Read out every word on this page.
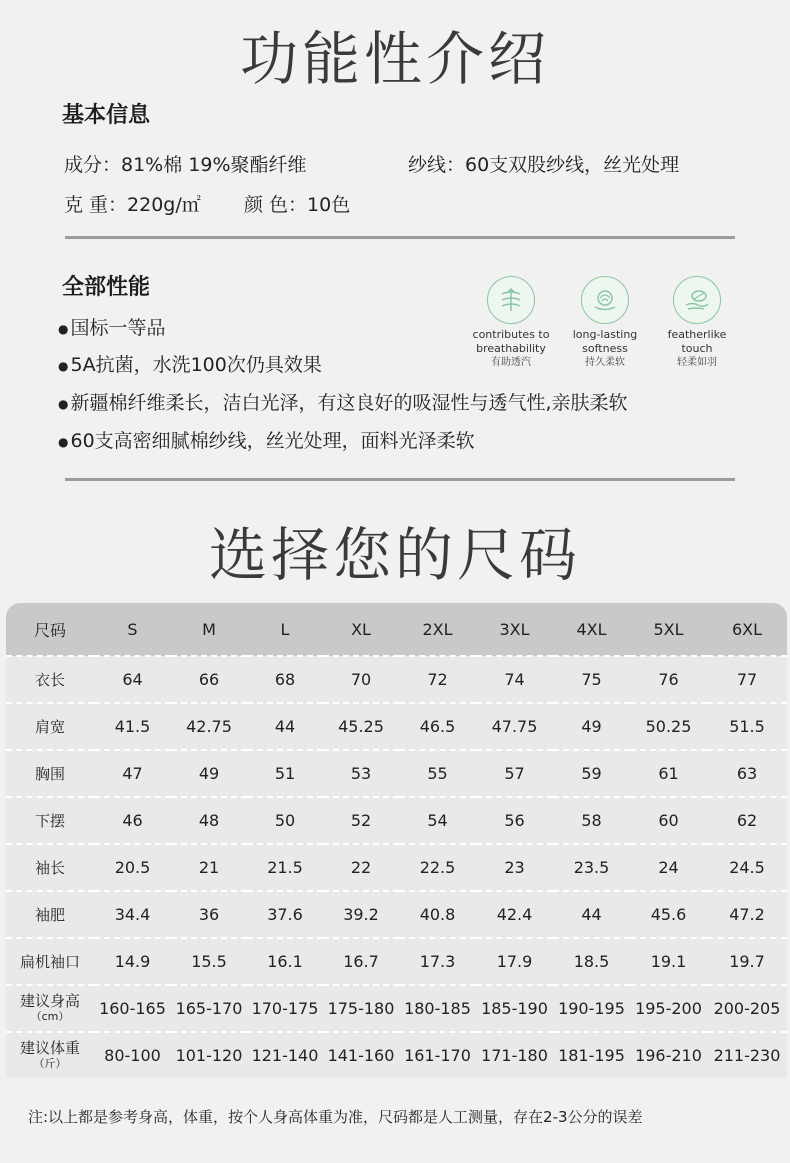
功能性介绍
基本信息
成分：81%棉 19%聚酯纤维	纱线：60支双股纱线，丝光处理
克 重：220g/㎡ 颜 色：10色
全部性能
● 国标一等品
● 5A抗菌，水洗100次仍具效果
● 新疆棉纤维柔长，洁白光泽，有这良好的吸湿性与透气性,亲肤柔软
● 60支高密细腻棉纱线，丝光处理，面料光泽柔软
contributes to
breathability
有助透汽
long-lasting
softness
持久柔软
featherlike
touch
轻柔如羽
选择您的尺码
尺码	S	M	L	XL	2XL	3XL	4XL	5XL	6XL
衣长	64	66	68	70	72	74	75	76	77
肩宽	41.5	42.75	44	45.25	46.5	47.75	49	50.25	51.5
胸围	47	49	51	53	55	57	59	61	63
下摆	46	48	50	52	54	56	58	60	62
袖长	20.5	21	21.5	22	22.5	23	23.5	24	24.5
袖肥	34.4	36	37.6	39.2	40.8	42.4	44	45.6	47.2
扁机袖口	14.9	15.5	16.1	16.7	17.3	17.9	18.5	19.1	19.7
建议身高
（cm）	160-165	165-170	170-175	175-180	180-185	185-190	190-195	195-200	200-205
建议体重
（斤）	80-100	101-120	121-140	141-160	161-170	171-180	181-195	196-210	211-230
注:以上都是参考身高，体重，按个人身高体重为准，尺码都是人工测量，存在2-3公分的误差
